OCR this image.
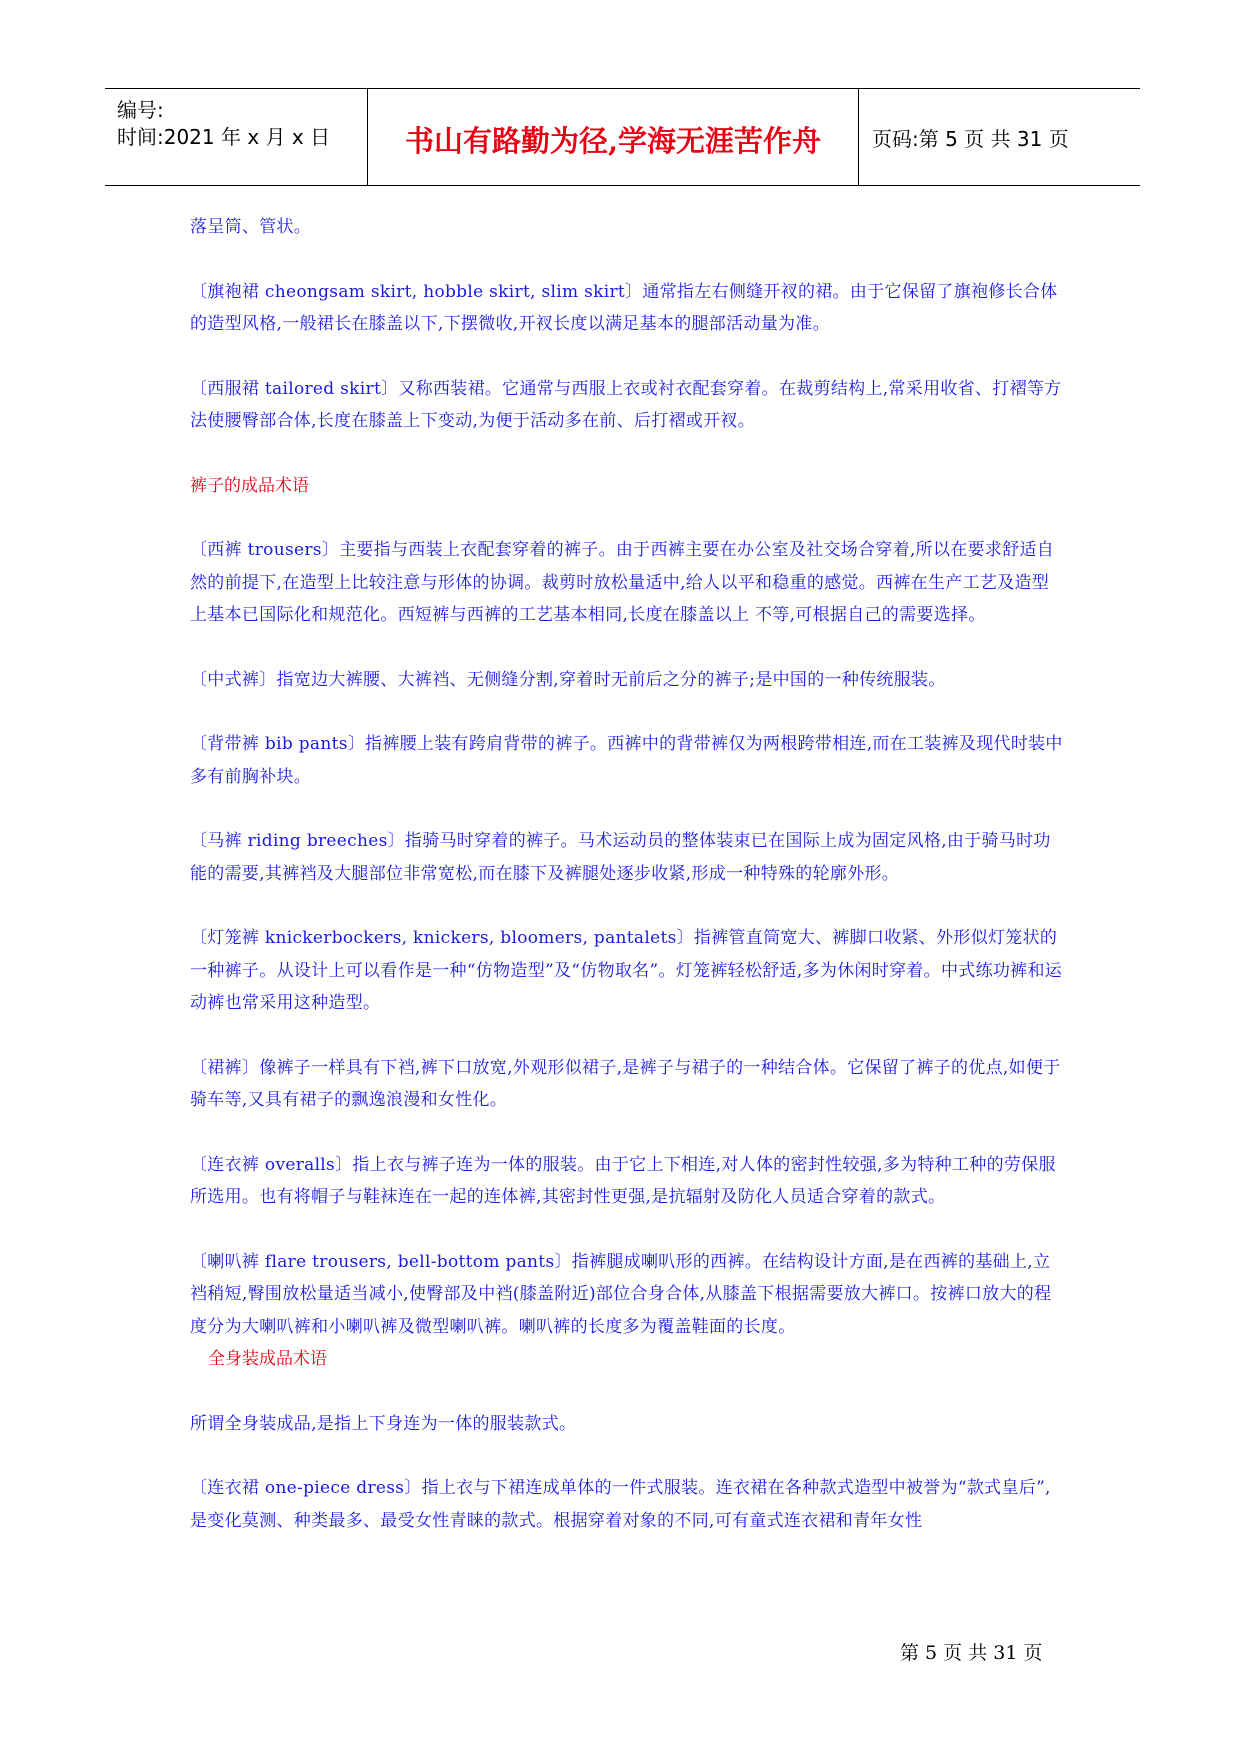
编号:
时间:2021 年 x 月 x 日	书山有路勤为径,学海无涯苦作舟	页码:第 5 页 共 31 页

落呈筒、管状。

〔旗袍裙 cheongsam skirt, hobble skirt, slim skirt〕通常指左右侧缝开衩的裙。由于它保留了旗袍修长合体的造型风格,一般裙长在膝盖以下,下摆微收,开衩长度以满足基本的腿部活动量为准。

〔西服裙 tailored skirt〕又称西装裙。它通常与西服上衣或衬衣配套穿着。在裁剪结构上,常采用收省、打褶等方法使腰臀部合体,长度在膝盖上下变动,为便于活动多在前、后打褶或开衩。

裤子的成品术语

〔西裤 trousers〕主要指与西装上衣配套穿着的裤子。由于西裤主要在办公室及社交场合穿着,所以在要求舒适自然的前提下,在造型上比较注意与形体的协调。裁剪时放松量适中,给人以平和稳重的感觉。西裤在生产工艺及造型上基本已国际化和规范化。西短裤与西裤的工艺基本相同,长度在膝盖以上 不等,可根据自己的需要选择。

〔中式裤〕指宽边大裤腰、大裤裆、无侧缝分割,穿着时无前后之分的裤子;是中国的一种传统服装。

〔背带裤 bib pants〕指裤腰上装有跨肩背带的裤子。西裤中的背带裤仅为两根跨带相连,而在工装裤及现代时装中多有前胸补块。

〔马裤 riding breeches〕指骑马时穿着的裤子。马术运动员的整体装束已在国际上成为固定风格,由于骑马时功能的需要,其裤裆及大腿部位非常宽松,而在膝下及裤腿处逐步收紧,形成一种特殊的轮廓外形。

〔灯笼裤 knickerbockers, knickers, bloomers, pantalets〕指裤管直筒宽大、裤脚口收紧、外形似灯笼状的一种裤子。从设计上可以看作是一种“仿物造型”及“仿物取名”。灯笼裤轻松舒适,多为休闲时穿着。中式练功裤和运动裤也常采用这种造型。

〔裙裤〕像裤子一样具有下裆,裤下口放宽,外观形似裙子,是裤子与裙子的一种结合体。它保留了裤子的优点,如便于骑车等,又具有裙子的飘逸浪漫和女性化。

〔连衣裤 overalls〕指上衣与裤子连为一体的服装。由于它上下相连,对人体的密封性较强,多为特种工种的劳保服所选用。也有将帽子与鞋袜连在一起的连体裤,其密封性更强,是抗辐射及防化人员适合穿着的款式。

〔喇叭裤 flare trousers, bell-bottom pants〕指裤腿成喇叭形的西裤。在结构设计方面,是在西裤的基础上,立裆稍短,臀围放松量适当减小,使臀部及中裆(膝盖附近)部位合身合体,从膝盖下根据需要放大裤口。按裤口放大的程度分为大喇叭裤和小喇叭裤及微型喇叭裤。喇叭裤的长度多为覆盖鞋面的长度。

全身装成品术语

所谓全身装成品,是指上下身连为一体的服装款式。

〔连衣裙 one-piece dress〕指上衣与下裙连成单体的一件式服装。连衣裙在各种款式造型中被誉为“款式皇后”,是变化莫测、种类最多、最受女性青睐的款式。根据穿着对象的不同,可有童式连衣裙和青年女性

第 5 页 共 31 页
